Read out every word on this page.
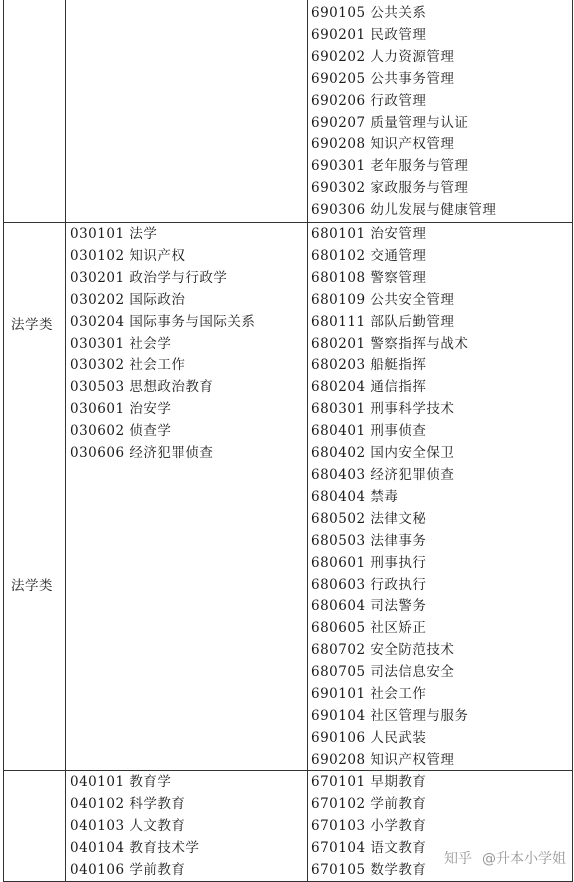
690105 公共关系
690201 民政管理
690202 人力资源管理
690205 公共事务管理
690206 行政管理
690207 质量管理与认证
690208 知识产权管理
690301 老年服务与管理
690302 家政服务与管理
690306 幼儿发展与健康管理
法学类
法学类
030101 法学
030102 知识产权
030201 政治学与行政学
030202 国际政治
030204 国际事务与国际关系
030301 社会学
030302 社会工作
030503 思想政治教育
030601 治安学
030602 侦查学
030606 经济犯罪侦查
680101 治安管理
680102 交通管理
680108 警察管理
680109 公共安全管理
680111 部队后勤管理
680201 警察指挥与战术
680203 船艇指挥
680204 通信指挥
680301 刑事科学技术
680401 刑事侦查
680402 国内安全保卫
680403 经济犯罪侦查
680404 禁毒
680502 法律文秘
680503 法律事务
680601 刑事执行
680603 行政执行
680604 司法警务
680605 社区矫正
680702 安全防范技术
680705 司法信息安全
690101 社会工作
690104 社区管理与服务
690106 人民武装
690208 知识产权管理
040101 教育学
040102 科学教育
040103 人文教育
040104 教育技术学
040106 学前教育
670101 早期教育
670102 学前教育
670103 小学教育
670104 语文教育
670105 数学教育
知乎 @升本小学姐
